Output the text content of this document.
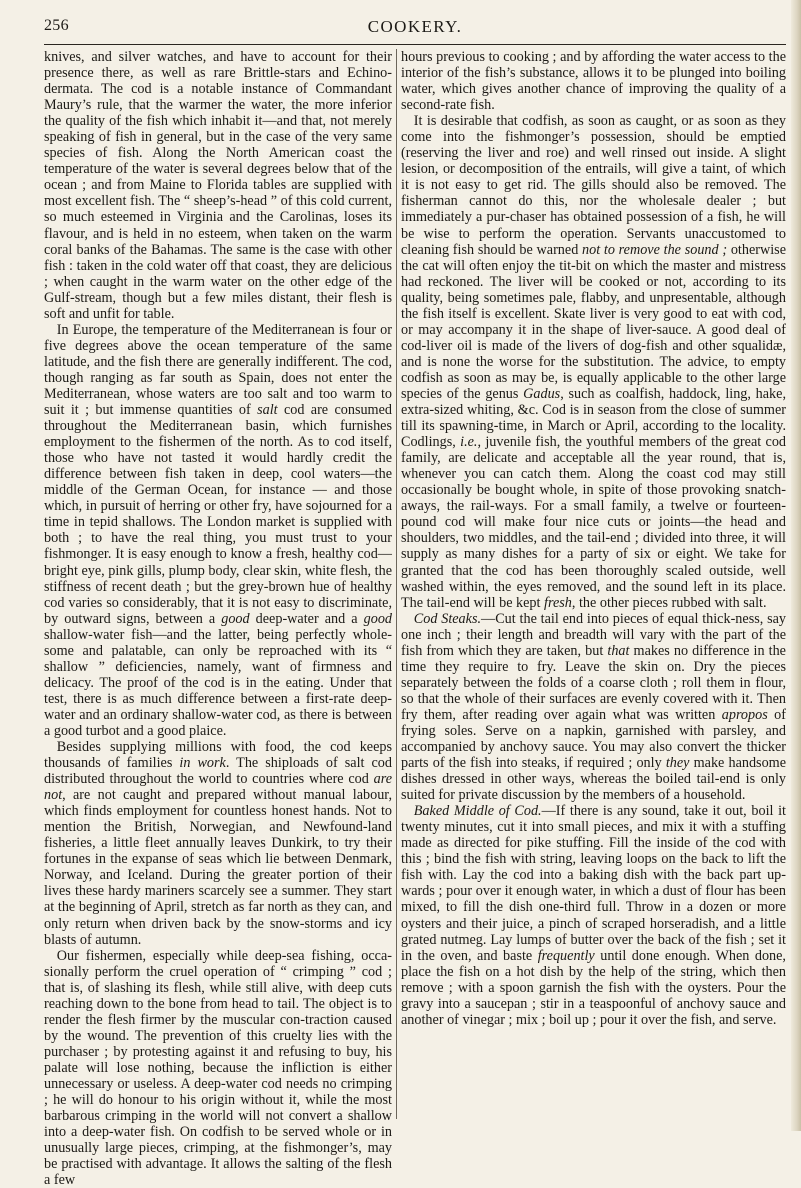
256	COOKERY.

knives, and silver watches, and have to account for their presence there, as well as rare Brittle-stars and Echino-dermata. The cod is a notable instance of Commandant Maury’s rule, that the warmer the water, the more inferior the quality of the fish which inhabit it—and that, not merely speaking of fish in general, but in the case of the very same species of fish. Along the North American coast the temperature of the water is several degrees below that of the ocean ; and from Maine to Florida tables are supplied with most excellent fish. The “ sheep’s-head ” of this cold current, so much esteemed in Virginia and the Carolinas, loses its flavour, and is held in no esteem, when taken on the warm coral banks of the Bahamas. The same is the case with other fish : taken in the cold water off that coast, they are delicious ; when caught in the warm water on the other edge of the Gulf-stream, though but a few miles distant, their flesh is soft and unfit for table.

In Europe, the temperature of the Mediterranean is four or five degrees above the ocean temperature of the same latitude, and the fish there are generally indifferent. The cod, though ranging as far south as Spain, does not enter the Mediterranean, whose waters are too salt and too warm to suit it ; but immense quantities of salt cod are consumed throughout the Mediterranean basin, which furnishes employment to the fishermen of the north. As to cod itself, those who have not tasted it would hardly credit the difference between fish taken in deep, cool waters—the middle of the German Ocean, for instance — and those which, in pursuit of herring or other fry, have sojourned for a time in tepid shallows. The London market is supplied with both ; to have the real thing, you must trust to your fishmonger. It is easy enough to know a fresh, healthy cod—bright eye, pink gills, plump body, clear skin, white flesh, the stiffness of recent death ; but the grey-brown hue of healthy cod varies so considerably, that it is not easy to discriminate, by outward signs, between a good deep-water and a good shallow-water fish—and the latter, being perfectly whole-some and palatable, can only be reproached with its “ shallow ” deficiencies, namely, want of firmness and delicacy. The proof of the cod is in the eating. Under that test, there is as much difference between a first-rate deep-water and an ordinary shallow-water cod, as there is between a good turbot and a good plaice.

Besides supplying millions with food, the cod keeps thousands of families in work. The shiploads of salt cod distributed throughout the world to countries where cod are not, are not caught and prepared without manual labour, which finds employment for countless honest hands. Not to mention the British, Norwegian, and Newfound-land fisheries, a little fleet annually leaves Dunkirk, to try their fortunes in the expanse of seas which lie between Denmark, Norway, and Iceland. During the greater portion of their lives these hardy mariners scarcely see a summer. They start at the beginning of April, stretch as far north as they can, and only return when driven back by the snow-storms and icy blasts of autumn.

Our fishermen, especially while deep-sea fishing, occa-sionally perform the cruel operation of “ crimping ” cod ; that is, of slashing its flesh, while still alive, with deep cuts reaching down to the bone from head to tail. The object is to render the flesh firmer by the muscular con-traction caused by the wound. The prevention of this cruelty lies with the purchaser ; by protesting against it and refusing to buy, his palate will lose nothing, because the infliction is either unnecessary or useless. A deep-water cod needs no crimping ; he will do honour to his origin without it, while the most barbarous crimping in the world will not convert a shallow into a deep-water fish. On codfish to be served whole or in unusually large pieces, crimping, at the fishmonger’s, may be practised with advantage. It allows the salting of the flesh a few

hours previous to cooking ; and by affording the water access to the interior of the fish’s substance, allows it to be plunged into boiling water, which gives another chance of improving the quality of a second-rate fish.

It is desirable that codfish, as soon as caught, or as soon as they come into the fishmonger’s possession, should be emptied (reserving the liver and roe) and well rinsed out inside. A slight lesion, or decomposition of the entrails, will give a taint, of which it is not easy to get rid. The gills should also be removed. The fisherman cannot do this, nor the wholesale dealer ; but immediately a pur-chaser has obtained possession of a fish, he will be wise to perform the operation. Servants unaccustomed to cleaning fish should be warned not to remove the sound ; otherwise the cat will often enjoy the tit-bit on which the master and mistress had reckoned. The liver will be cooked or not, according to its quality, being sometimes pale, flabby, and unpresentable, although the fish itself is excellent. Skate liver is very good to eat with cod, or may accompany it in the shape of liver-sauce. A good deal of cod-liver oil is made of the livers of dog-fish and other squalidæ, and is none the worse for the substitution. The advice, to empty codfish as soon as may be, is equally applicable to the other large species of the genus Gadus, such as coalfish, haddock, ling, hake, extra-sized whiting, &c. Cod is in season from the close of summer till its spawning-time, in March or April, according to the locality. Codlings, i.e., juvenile fish, the youthful members of the great cod family, are delicate and acceptable all the year round, that is, whenever you can catch them. Along the coast cod may still occasionally be bought whole, in spite of those provoking snatch-aways, the rail-ways. For a small family, a twelve or fourteen-pound cod will make four nice cuts or joints—the head and shoulders, two middles, and the tail-end ; divided into three, it will supply as many dishes for a party of six or eight. We take for granted that the cod has been thoroughly scaled outside, well washed within, the eyes removed, and the sound left in its place. The tail-end will be kept fresh, the other pieces rubbed with salt.

Cod Steaks.—Cut the tail end into pieces of equal thick-ness, say one inch ; their length and breadth will vary with the part of the fish from which they are taken, but that makes no difference in the time they require to fry. Leave the skin on. Dry the pieces separately between the folds of a coarse cloth ; roll them in flour, so that the whole of their surfaces are evenly covered with it. Then fry them, after reading over again what was written apropos of frying soles. Serve on a napkin, garnished with parsley, and accompanied by anchovy sauce. You may also convert the thicker parts of the fish into steaks, if required ; only they make handsome dishes dressed in other ways, whereas the boiled tail-end is only suited for private discussion by the members of a household.

Baked Middle of Cod.—If there is any sound, take it out, boil it twenty minutes, cut it into small pieces, and mix it with a stuffing made as directed for pike stuffing. Fill the inside of the cod with this ; bind the fish with string, leaving loops on the back to lift the fish with. Lay the cod into a baking dish with the back part up-wards ; pour over it enough water, in which a dust of flour has been mixed, to fill the dish one-third full. Throw in a dozen or more oysters and their juice, a pinch of scraped horseradish, and a little grated nutmeg. Lay lumps of butter over the back of the fish ; set it in the oven, and baste frequently until done enough. When done, place the fish on a hot dish by the help of the string, which then remove ; with a spoon garnish the fish with the oysters. Pour the gravy into a saucepan ; stir in a teaspoonful of anchovy sauce and another of vinegar ; mix ; boil up ; pour it over the fish, and serve.
